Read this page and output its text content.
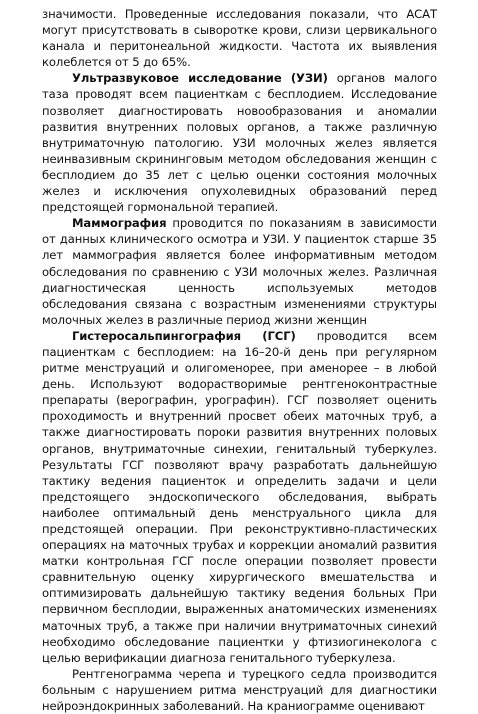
значимости. Проведенные исследования показали, что АСАТ могут присутствовать в сыворотке крови, слизи цервикального канала и перитонеальной жидкости. Частота их выявления колеблется от 5 до 65%.

Ультразвуковое исследование (УЗИ) органов малого таза проводят всем пациенткам с бесплодием. Исследование позволяет диагностировать новообразования и аномалии развития внутренних половых органов, а также различную внутриматочную патологию. УЗИ молочных желез является неинвазивным скрининговым методом обследования женщин с бесплодием до 35 лет с целью оценки состояния молочных желез и исключения опухолевидных образований перед предстоящей гормональной терапией.

Маммография проводится по показаниям в зависимости от данных клинического осмотра и УЗИ. У пациенток старше 35 лет маммография является более информативным методом обследования по сравнению с УЗИ молочных желез. Различная диагностическая ценность используемых методов обследования связана с возрастным изменениями структуры молочных желез в различные период жизни женщин

Гистеросальпингография (ГСГ) проводится всем пациенткам с бесплодием: на 16–20-й день при регулярном ритме менструаций и олигоменорее, при аменорее – в любой день. Используют водорастворимые рентгеноконтрастные препараты (верографин, урографин). ГСГ позволяет оценить проходимость и внутренний просвет обеих маточных труб, а также диагностировать пороки развития внутренних половых органов, внутриматочные синехии, генитальный туберкулез. Результаты ГСГ позволяют врачу разработать дальнейшую тактику ведения пациенток и определить задачи и цели предстоящего эндоскопического обследования, выбрать наиболее оптимальный день менструального цикла для предстоящей операции. При реконструктивно-пластических операциях на маточных трубах и коррекции аномалий развития матки контрольная ГСГ после операции позволяет провести сравнительную оценку хирургического вмешательства и оптимизировать дальнейшую тактику ведения больных При первичном бесплодии, выраженных анатомических изменениях маточных труб, а также при наличии внутриматочных синехий необходимо обследование пациентки у фтизиогинеколога с целью верификации диагноза генитального туберкулеза.

Рентгенограмма черепа и турецкого седла производится больным с нарушением ритма менструаций для диагностики нейроэндокринных заболеваний. На краниограмме оценивают
